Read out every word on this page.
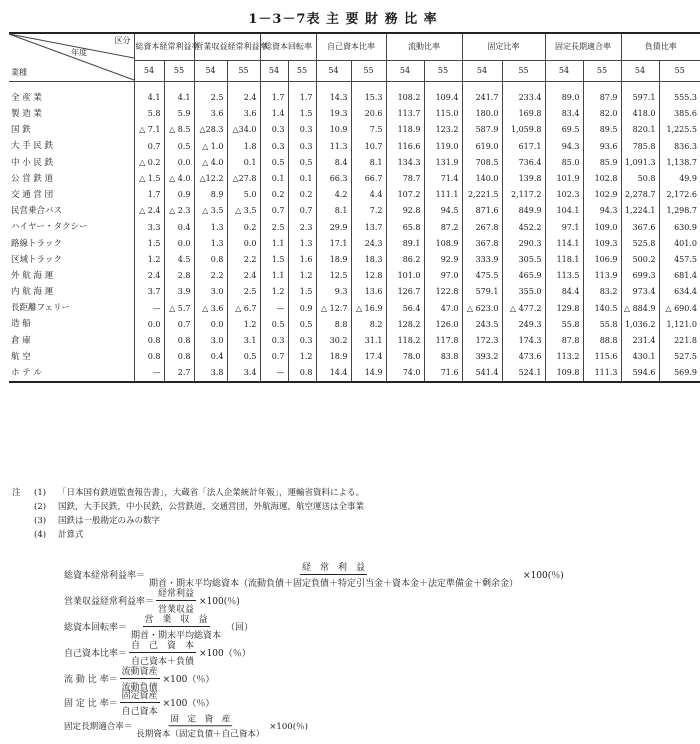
1－3－7表 主 要 財 務 比 率
区分
年度
業種	総資本経常利益率		営業収益経常利益率		総資本回転率		自己資本比率		流動比率		固定比率		固定長期適合率		負債比率	
	54	55	54	55	54	55	54	55	54	55	54	55	54	55	54	55
全 産 業	4.1	4.1	2.5	2.4	1.7	1.7	14.3	15.3	108.2	109.4	241.7	233.4	89.0	87.9	597.1	555.3
製 造 業	5.8	5.9	3.6	3.6	1.4	1.5	19.3	20.6	113.7	115.0	180.0	169.8	83.4	82.0	418.0	385.6
国 鉄	△ 7.1	△ 8.5	△28.3	△34.0	0.3	0.3	10.9	7.5	118.9	123.2	587.9	1,059.8	69.5	89.5	820.1	1,225.5
大 手 民 鉄	0.7	0.5	△ 1.0	1.8	0.3	0.3	11.3	10.7	116.6	119.0	619.0	617.1	94.3	93.6	785.8	836.3
中 小 民 鉄	△ 0.2	0.0	△ 4.0	0.1	0.5	0.5	8.4	8.1	134.3	131.9	708.5	736.4	85.0	85.9	1,091.3	1,138.7
公 営 鉄 道	△ 1.5	△ 4.0	△12.2	△27.8	0.1	0.1	66.3	66.7	78.7	71.4	140.0	139.8	101.9	102.8	50.8	49.9
交 通 営 団	1.7	0.9	8.9	5.0	0.2	0.2	4.2	4.4	107.2	111.1	2,221.5	2,117.2	102.3	102.9	2,278.7	2,172.6
民営乗合バス	△ 2.4	△ 2.3	△ 3.5	△ 3.5	0.7	0.7	8.1	7.2	92.8	94.5	871.6	849.9	104.1	94.3	1,224.1	1,298.7
ハイヤー・タクシー	3.3	0.4	1.3	0.2	2.5	2.3	29.9	13.7	65.8	87.2	267.8	452.2	97.1	109.0	367.6	630.9
路線トラック	1.5	0.0	1.3	0.0	1.1	1.3	17.1	24.3	89.1	108.9	367.8	290.3	114.1	109.3	525.8	401.0
区域トラック	1.2	4.5	0.8	2.2	1.5	1.6	18.9	18.3	86.2	92.9	333.9	305.5	118.1	106.9	500.2	457.5
外 航 海 運	2.4	2.8	2.2	2.4	1.1	1.2	12.5	12.8	101.0	97.0	475.5	465.9	113.5	113.9	699.3	681.4
内 航 海 運	3.7	3.9	3.0	2.5	1.2	1.5	9.3	13.6	126.7	122.8	579.1	355.0	84.4	83.2	973.4	634.4
長距離フェリー	—	△ 5.7	△ 3.6	△ 6.7	—	0.9	△ 12.7	△ 16.9	56.4	47.0	△ 623.0	△ 477.2	129.8	140.5	△ 884.9	△ 690.4
造 船	0.0	0.7	0.0	1.2	0.5	0.5	8.8	8.2	128.2	126.0	243.5	249.3	55.8	55.8	1,036.2	1,121.0
倉 庫	0.8	0.8	3.0	3.1	0.3	0.3	30.2	31.1	118.2	117.8	172.3	174.3	87.8	88.8	231.4	221.8
航 空	0.8	0.8	0.4	0.5	0.7	1.2	18.9	17.4	78.0	83.8	393.2	473.6	113.2	115.6	430.1	527.5
ホ テ ル	—	2.7	3.8	3.4	—	0.8	14.4	14.9	74.0	71.6	541.4	524.1	109.8	111.3	594.6	569.9
注 (1) 「日本国有鉄道監査報告書」，大蔵省「法人企業統計年報」，運輸省資料による。
(2) 国鉄，大手民鉄，中小民鉄，公営鉄道，交通営団，外航海運，航空運送は全事業
(3) 国鉄は一般勘定のみの数字
(4) 計算式
総資本経常利益率＝ $\frac{\text{経　常　利　益}}{\text{期首・期末平均総資本（流動負債＋固定負債＋特定引当金＋資本金＋法定準備金＋剰余金）}} \times 100$(％)
営業収益経常利益率＝ $\frac{\text{経常利益}}{\text{営業収益}} \times 100$(％)
総資本回転率＝ $\frac{\text{営　業　収　益}}{\text{期首・期末平均総資本}}$ （回）
自己資本比率＝ $\frac{\text{自　己　資　本}}{\text{自己資本＋負債}} \times 100$（％）
流 動 比 率＝ $\frac{\text{流動資産}}{\text{流動負債}} \times 100$（％）
固 定 比 率＝ $\frac{\text{固定資産}}{\text{自己資本}} \times 100$（％）
固定長期適合率＝ $\frac{\text{固　定　資　産}}{\text{長期資本（固定負債＋自己資本）}} \times 100$(％)
